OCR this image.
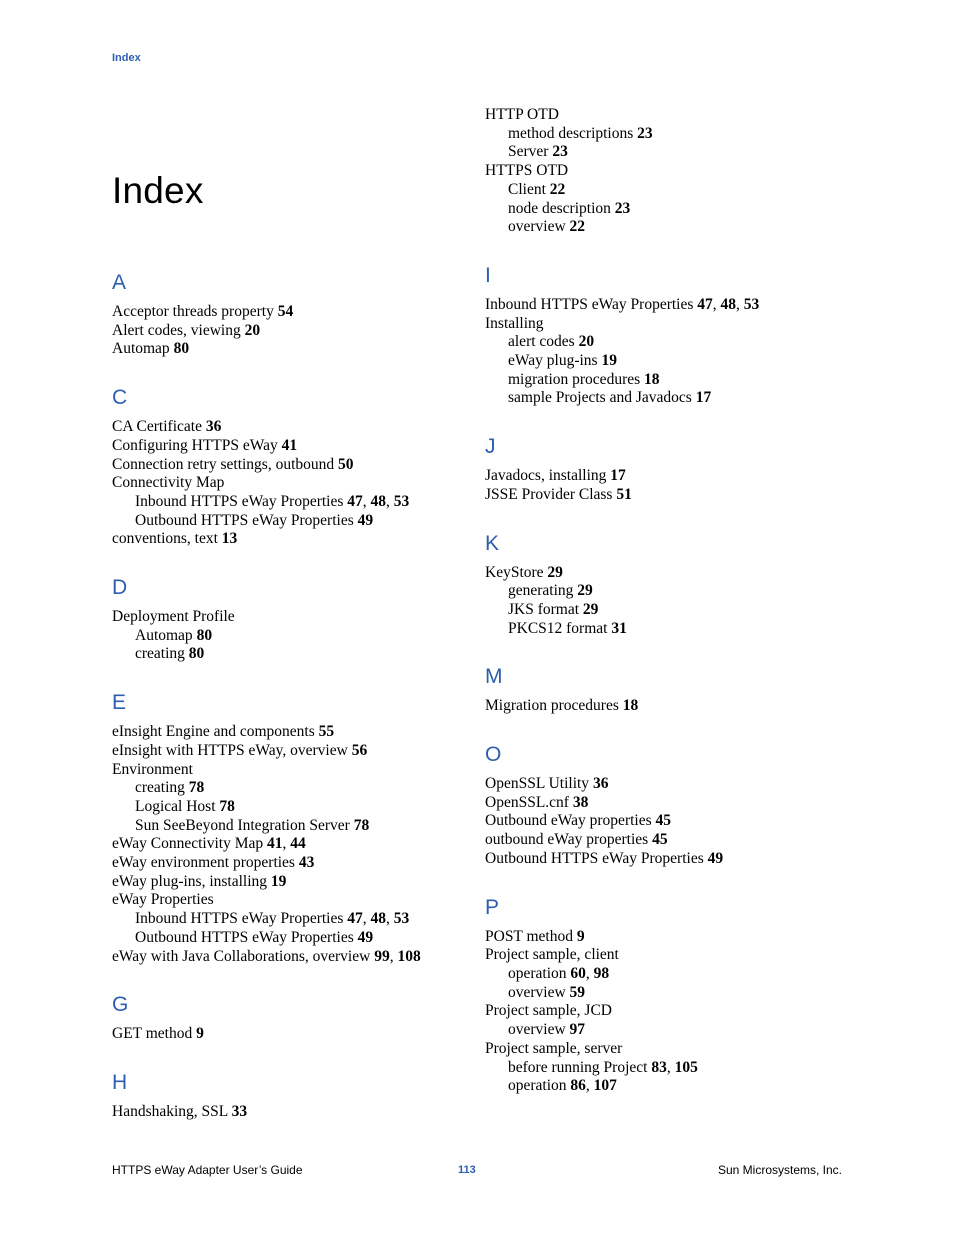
Index
Index
A
Acceptor threads property 54
Alert codes, viewing 20
Automap 80
C
CA Certificate 36
Configuring HTTPS eWay 41
Connection retry settings, outbound 50
Connectivity Map
Inbound HTTPS eWay Properties 47, 48, 53
Outbound HTTPS eWay Properties 49
conventions, text 13
D
Deployment Profile
Automap 80
creating 80
E
eInsight Engine and components 55
eInsight with HTTPS eWay, overview 56
Environment
creating 78
Logical Host 78
Sun SeeBeyond Integration Server 78
eWay Connectivity Map 41, 44
eWay environment properties 43
eWay plug-ins, installing 19
eWay Properties
Inbound HTTPS eWay Properties 47, 48, 53
Outbound HTTPS eWay Properties 49
eWay with Java Collaborations, overview 99, 108
G
GET method 9
H
Handshaking, SSL 33
HTTP OTD
method descriptions 23
Server 23
HTTPS OTD
Client 22
node description 23
overview 22
I
Inbound HTTPS eWay Properties 47, 48, 53
Installing
alert codes 20
eWay plug-ins 19
migration procedures 18
sample Projects and Javadocs 17
J
Javadocs, installing 17
JSSE Provider Class 51
K
KeyStore 29
generating 29
JKS format 29
PKCS12 format 31
M
Migration procedures 18
O
OpenSSL Utility 36
OpenSSL.cnf 38
Outbound eWay properties 45
outbound eWay properties 45
Outbound HTTPS eWay Properties 49
P
POST method 9
Project sample, client
operation 60, 98
overview 59
Project sample, JCD
overview 97
Project sample, server
before running Project 83, 105
operation 86, 107
HTTPS eWay Adapter User’s Guide	113	Sun Microsystems, Inc.
